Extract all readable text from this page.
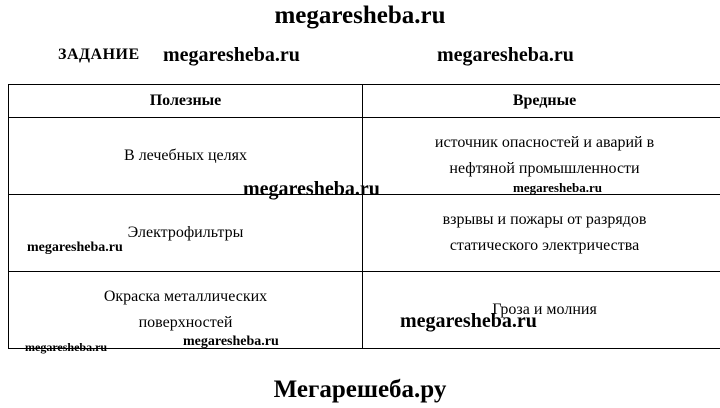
megaresheba.ru
ЗАДАНИЕ megaresheba.ru	megaresheba.ru
Полезные	Вредные

В лечебных целях	источник опасностей и аварий в
нефтяной промышленности

Электрофильтры	взрывы и пожары от разрядов
статического электричества

Окраска металлических
поверхностей	Гроза и молния
megaresheba.ru	megaresheba.ru
megaresheba.ru
megaresheba.ru
megaresheba.ru
megaresheba.ru
Мегарешеба.ру
